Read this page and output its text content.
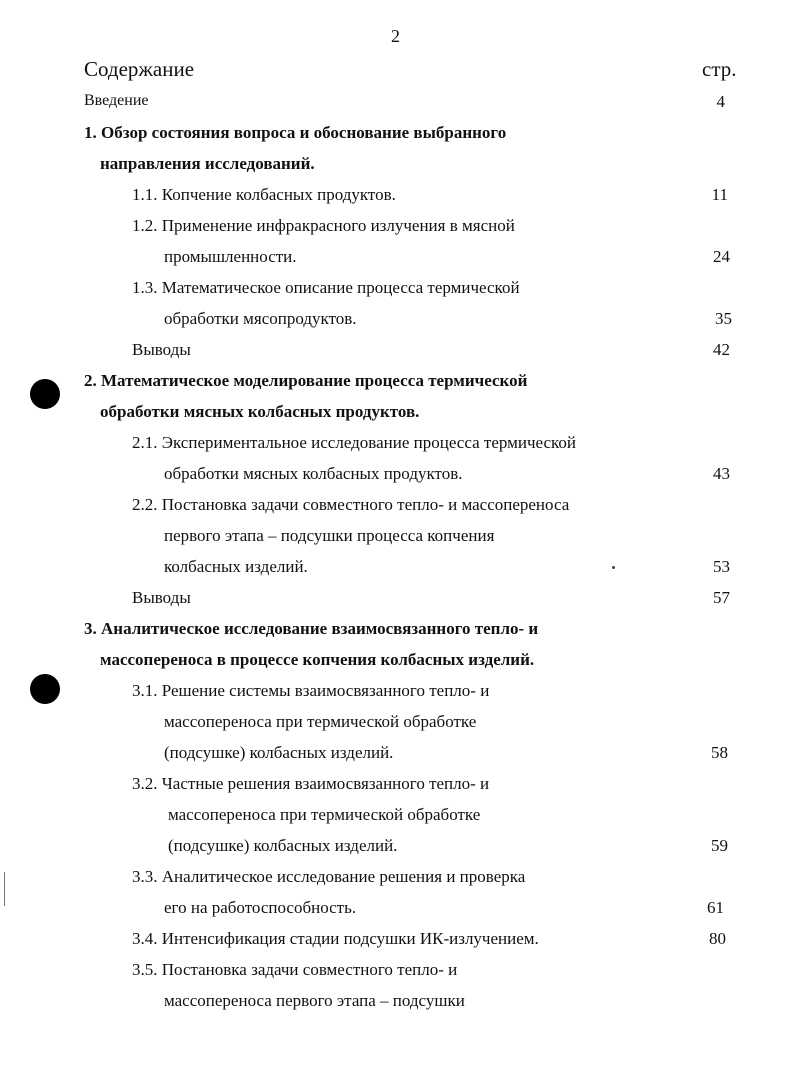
2
Содержание	стр.
Введение	4
1. Обзор состояния вопроса и обоснование выбранного
направления исследований.
1.1. Копчение колбасных продуктов.	11
1.2. Применение инфракрасного излучения в мясной
промышленности.	24
1.3. Математическое описание процесса термической
обработки мясопродуктов.	35
Выводы	42
2. Математическое моделирование процесса термической
обработки мясных колбасных продуктов.
2.1. Экспериментальное исследование процесса термической
обработки мясных колбасных продуктов.	43
2.2. Постановка задачи совместного тепло- и массопереноса
первого этапа – подсушки процесса копчения
колбасных изделий.	53
Выводы	57
3. Аналитическое исследование взаимосвязанного тепло- и
массопереноса в процессе копчения колбасных изделий.
3.1. Решение системы взаимосвязанного тепло- и
массопереноса при термической обработке
(подсушке) колбасных изделий.	58
3.2. Частные решения взаимосвязанного тепло- и
массопереноса при термической обработке
(подсушке) колбасных изделий.	59
3.3. Аналитическое исследование решения и проверка
его на работоспособность.	61
3.4. Интенсификация стадии подсушки ИК-излучением.	80
3.5. Постановка задачи совместного тепло- и
массопереноса первого этапа – подсушки
